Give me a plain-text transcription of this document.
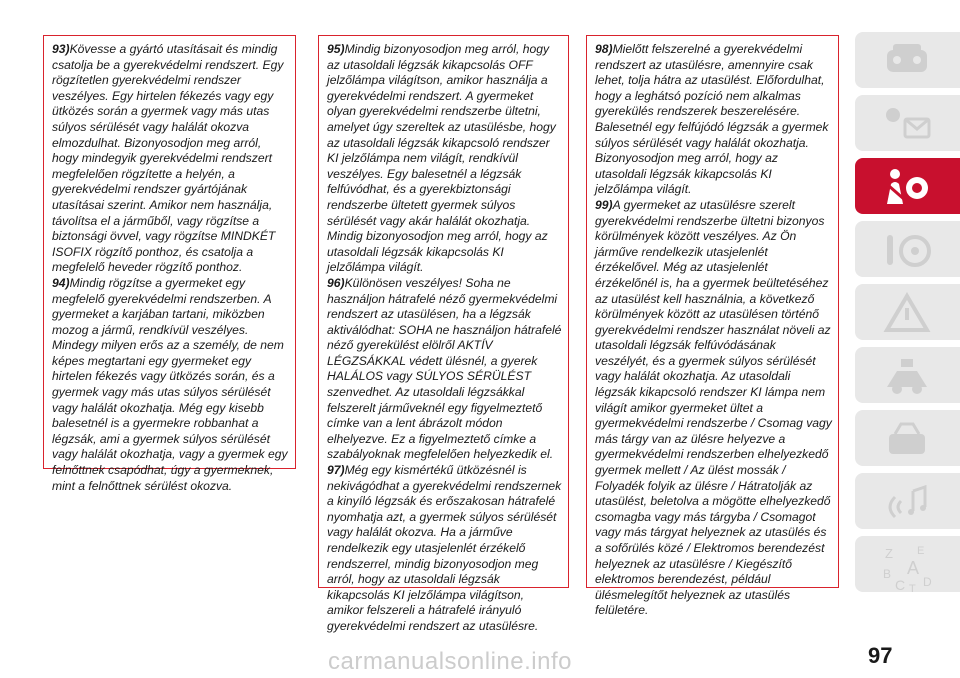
93)Kövesse a gyártó utasításait és mindig csatolja be a gyerekvédelmi rendszert. Egy rögzítetlen gyerekvédelmi rendszer veszélyes. Egy hirtelen fékezés vagy egy ütközés során a gyermek vagy más utas súlyos sérülését vagy halálát okozva elmozdulhat. Bizonyosodjon meg arról, hogy mindegyik gyerekvédelmi rendszert megfelelően rögzítette a helyén, a gyerekvédelmi rendszer gyártójának utasításai szerint. Amikor nem használja, távolítsa el a járműből, vagy rögzítse a biztonsági övvel, vagy rögzítse MINDKÉT ISOFIX rögzítő ponthoz, és csatolja a megfelelő heveder rögzítő ponthoz.

94)Mindig rögzítse a gyermeket egy megfelelő gyerekvédelmi rendszerben. A gyermeket a karjában tartani, miközben mozog a jármű, rendkívül veszélyes. Mindegy milyen erős az a személy, de nem képes megtartani egy gyermeket egy hirtelen fékezés vagy ütközés során, és a gyermek vagy más utas súlyos sérülését vagy halálát okozhatja. Még egy kisebb balesetnél is a gyermekre robbanhat a légzsák, ami a gyermek súlyos sérülését vagy halálát okozhatja, vagy a gyermek egy felnőttnek csapódhat, úgy a gyermeknek, mint a felnőttnek sérülést okozva.

95)Mindig bizonyosodjon meg arról, hogy az utasoldali légzsák kikapcsolás OFF jelzőlámpa világítson, amikor használja a gyerekvédelmi rendszert. A gyermeket olyan gyerekvédelmi rendszerbe ültetni, amelyet úgy szereltek az utasülésbe, hogy az utasoldali légzsák kikapcsoló rendszer KI jelzőlámpa nem világít, rendkívül veszélyes. Egy balesetnél a légzsák felfúvódhat, és a gyerekbiztonsági rendszerbe ültetett gyermek súlyos sérülését vagy akár halálát okozhatja. Mindig bizonyosodjon meg arról, hogy az utasoldali légzsák kikapcsolás KI jelzőlámpa világít.

96)Különösen veszélyes! Soha ne használjon hátrafelé néző gyermekvédelmi rendszert az utasülésen, ha a légzsák aktiválódhat: SOHA ne használjon hátrafelé néző gyerekülést elölről AKTÍV LÉGZSÁKKAL védett ülésnél, a gyerek HALÁLOS vagy SÚLYOS SÉRÜLÉST szenvedhet. Az utasoldali légzsákkal felszerelt járműveknél egy figyelmeztető címke van a lent ábrázolt módon elhelyezve. Ez a figyelmeztető címke a szabályoknak megfelelően helyezkedik el.

97)Még egy kismértékű ütközésnél is nekivágódhat a gyerekvédelmi rendszernek a kinyíló légzsák és erőszakosan hátrafelé nyomhatja azt, a gyermek súlyos sérülését vagy halálát okozva. Ha a járműve rendelkezik egy utasjelenlét érzékelő rendszerrel, mindig bizonyosodjon meg arról, hogy az utasoldali légzsák kikapcsolás KI jelzőlámpa világítson, amikor felszereli a hátrafelé irányuló gyerekvédelmi rendszert az utasülésre.

98)Mielőtt felszerelné a gyerekvédelmi rendszert az utasülésre, amennyire csak lehet, tolja hátra az utasülést. Előfordulhat, hogy a leghátsó pozíció nem alkalmas gyerekülés rendszerek beszerelésére. Balesetnél egy felfújódó légzsák a gyermek súlyos sérülését vagy halálát okozhatja. Bizonyosodjon meg arról, hogy az utasoldali légzsák kikapcsolás KI jelzőlámpa világít.

99)A gyermeket az utasülésre szerelt gyerekvédelmi rendszerbe ültetni bizonyos körülmények között veszélyes. Az Ön járműve rendelkezik utasjelenlét érzékelővel. Még az utasjelenlét érzékelőnél is, ha a gyermek beültetéséhez az utasülést kell használnia, a következő körülmények között az utasülésen történő gyerekvédelmi rendszer használat növeli az utasoldali légzsák felfúvódásának veszélyét, és a gyermek súlyos sérülését vagy halálát okozhatja. Az utasoldali légzsák kikapcsoló rendszer KI lámpa nem világít amikor gyermeket ültet a gyermekvédelmi rendszerbe / Csomag vagy más tárgy van az ülésre helyezve a gyermekvédelmi rendszerben elhelyezkedő gyermek mellett / Az ülést mossák / Folyadék folyik az ülésre / Hátratolják az utasülést, beletolva a mögötte elhelyezkedő csomagba vagy más tárgyba / Csomagot vagy más tárgyat helyeznek az utasülés és a sofőrülés közé / Elektromos berendezést helyeznek az utasülésre / Kiegészítő elektromos berendezést, például ülésmelegítőt helyeznek az utasülés felületére.

Z E
B A
C T D
97
carmanualsonline.info
